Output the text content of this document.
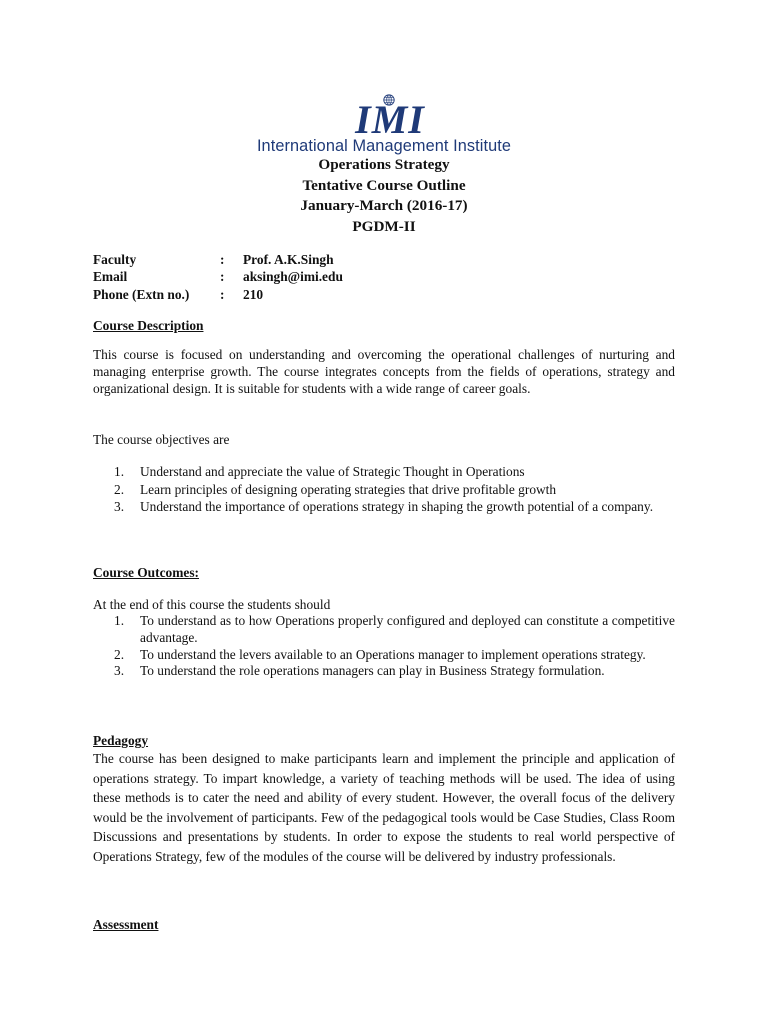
IMI
International Management Institute
Operations Strategy
Tentative Course Outline
January-March (2016-17)
PGDM-II
Faculty	: Prof. A.K.Singh
Email	: aksingh@imi.edu
Phone (Extn no.) : 210
Course Description
This course is focused on understanding and overcoming the operational challenges of nurturing and managing enterprise growth. The course integrates concepts from the fields of operations, strategy and organizational design. It is suitable for students with a wide range of career goals.
The course objectives are
1. Understand and appreciate the value of Strategic Thought in Operations
2. Learn principles of designing operating strategies that drive profitable growth
3. Understand the importance of operations strategy in shaping the growth potential of a company.
Course Outcomes:
At the end of this course the students should
1. To understand as to how Operations properly configured and deployed can constitute a competitive advantage.
2. To understand the levers available to an Operations manager to implement operations strategy.
3. To understand the role operations managers can play in Business Strategy formulation.
Pedagogy
The course has been designed to make participants learn and implement the principle and application of operations strategy. To impart knowledge, a variety of teaching methods will be used. The idea of using these methods is to cater the need and ability of every student. However, the overall focus of the delivery would be the involvement of participants. Few of the pedagogical tools would be Case Studies, Class Room Discussions and presentations by students. In order to expose the students to real world perspective of Operations Strategy, few of the modules of the course will be delivered by industry professionals.
Assessment
